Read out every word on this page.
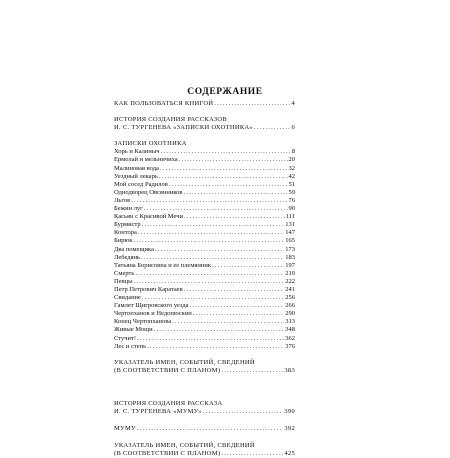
СОДЕРЖАНИЕ
КАК ПОЛЬЗОВАТЬСЯ КНИГОЙ . . .	4
ИСТОРИЯ СОЗДАНИЯ РАССКАЗОВ
И. С. ТУРГЕНЕВА «ЗАПИСКИ ОХОТНИКА» . . .	6
ЗАПИСКИ ОХОТНИКА
Хорь и Калиныч . . .	8
Ермолай и мельничиха . . .	20
Малиновая вода . . .	32
Уездный лекарь . . .	42
Мой сосед Радилов . . .	51
Однодворец Овсянников . . .	59
Льгов . . .	76
Бежин луг . . .	90
Касьян с Красивой Мечи . . .	111
Бурмистр . . .	131
Контора . . .	147
Бирюк . . .	165
Два помещика . . .	173
Лебедянь . . .	183
Татьяна Борисовна и ее племянник . . .	197
Смерть . . .	210
Певцы . . .	222
Петр Петрович Каратаев . . .	241
Свидание . . .	256
Гамлет Щигровского уезда . . .	266
Чертопханов и Недопюскин . . .	290
Конец Чертопханова . . .	313
Живые Мощи . . .	348
Стучит! . . .	362
Лес и степь . . .	376
УКАЗАТЕЛЬ ИМЕН, СОБЫТИЙ, СВЕДЕНИЙ
(В СООТВЕТСТВИИ С ПЛАНОМ) . . .	383
ИСТОРИЯ СОЗДАНИЯ РАССКАЗА
И. С. ТУРГЕНЕВА «МУМУ» . . .	390
МУМУ . . .	392
УКАЗАТЕЛЬ ИМЕН, СОБЫТИЙ, СВЕДЕНИЙ
(В СООТВЕТСТВИИ С ПЛАНОМ) . . .	425
